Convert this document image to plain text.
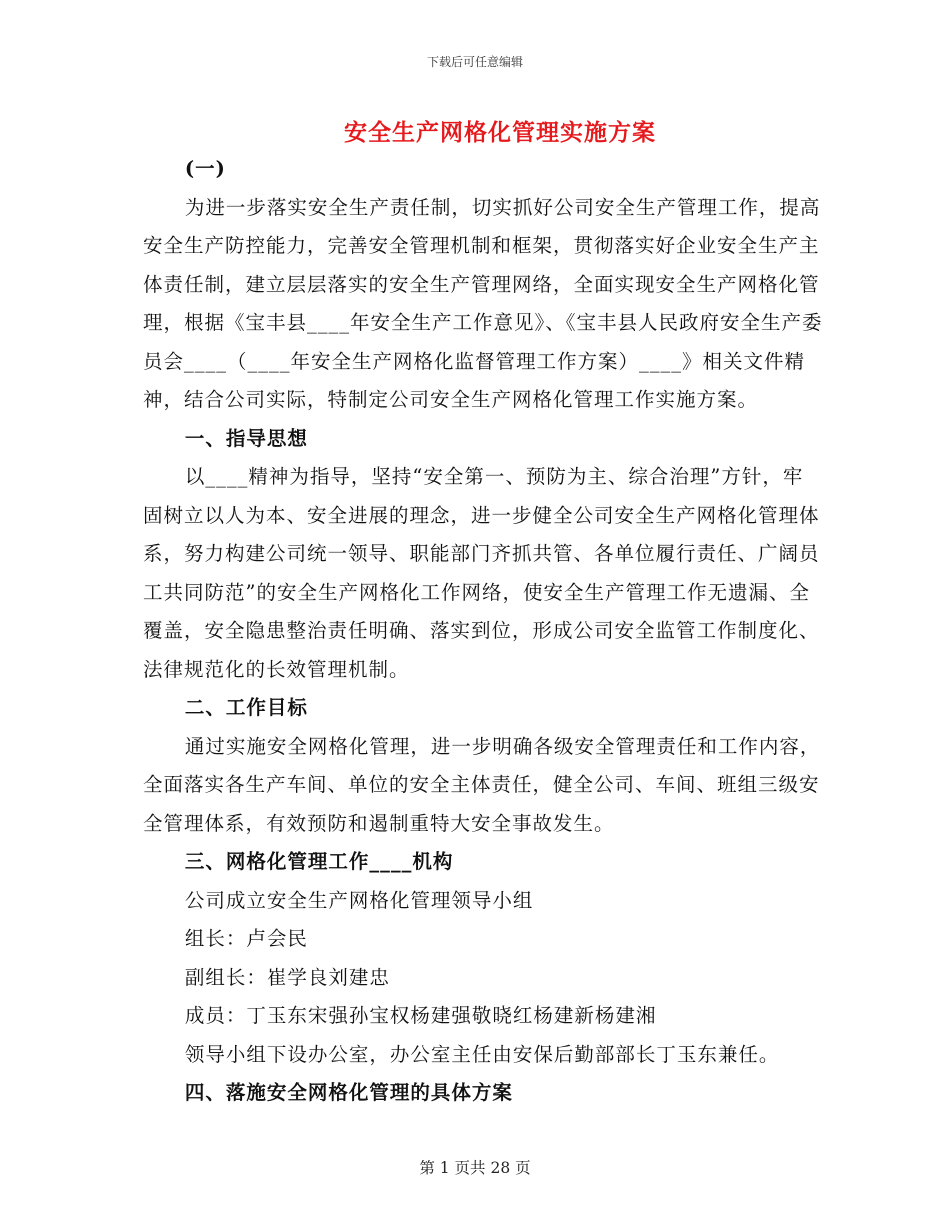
下载后可任意编辑
安全生产网格化管理实施方案

(一)

为进一步落实安全生产责任制，切实抓好公司安全生产管理工作，提高安全生产防控能力，完善安全管理机制和框架，贯彻落实好企业安全生产主体责任制，建立层层落实的安全生产管理网络，全面实现安全生产网格化管理，根据《宝丰县____年安全生产工作意见》、《宝丰县人民政府安全生产委员会____（____年安全生产网格化监督管理工作方案）____》相关文件精神，结合公司实际，特制定公司安全生产网格化管理工作实施方案。

一、指导思想

以____精神为指导，坚持“安全第一、预防为主、综合治理”方针，牢固树立以人为本、安全进展的理念，进一步健全公司安全生产网格化管理体系，努力构建公司统一领导、职能部门齐抓共管、各单位履行责任、广阔员工共同防范”的安全生产网格化工作网络，使安全生产管理工作无遗漏、全覆盖，安全隐患整治责任明确、落实到位，形成公司安全监管工作制度化、法律规范化的长效管理机制。

二、工作目标

通过实施安全网格化管理，进一步明确各级安全管理责任和工作内容，全面落实各生产车间、单位的安全主体责任，健全公司、车间、班组三级安全管理体系，有效预防和遏制重特大安全事故发生。

三、网格化管理工作____机构

公司成立安全生产网格化管理领导小组

组长：卢会民

副组长：崔学良刘建忠

成员：丁玉东宋强孙宝权杨建强敬晓红杨建新杨建湘

领导小组下设办公室，办公室主任由安保后勤部部长丁玉东兼任。

四、落施安全网格化管理的具体方案

第 1 页共 28 页
